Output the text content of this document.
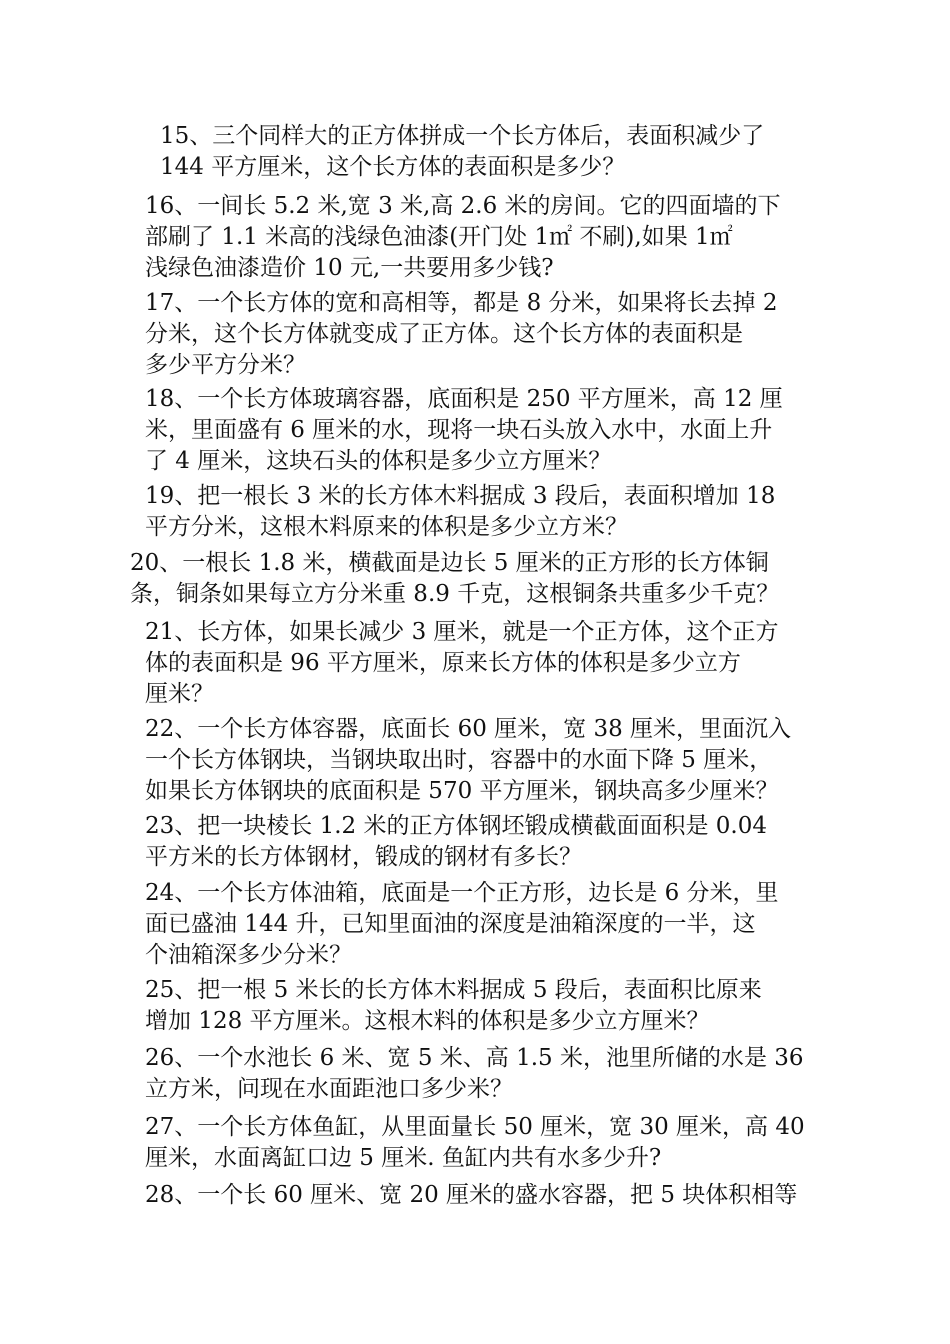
15、三个同样大的正方体拼成一个长方体后，表面积减少了
144 平方厘米，这个长方体的表面积是多少？
16、一间长 5.2 米,宽 3 米,高 2.6 米的房间。它的四面墙的下
部刷了 1.1 米高的浅绿色油漆(开门处 1㎡ 不刷),如果 1㎡
浅绿色油漆造价 10 元,一共要用多少钱?
17、一个长方体的宽和高相等，都是 8 分米，如果将长去掉 2
分米，这个长方体就变成了正方体。这个长方体的表面积是
多少平方分米？
18、一个长方体玻璃容器，底面积是 250 平方厘米，高 12 厘
米，里面盛有 6 厘米的水，现将一块石头放入水中，水面上升
了 4 厘米，这块石头的体积是多少立方厘米？
19、把一根长 3 米的长方体木料据成 3 段后，表面积增加 18
平方分米，这根木料原来的体积是多少立方米？
20、一根长 1.8 米，横截面是边长 5 厘米的正方形的长方体铜
条，铜条如果每立方分米重 8.9 千克，这根铜条共重多少千克？
21、长方体，如果长减少 3 厘米，就是一个正方体，这个正方
体的表面积是 96 平方厘米，原来长方体的体积是多少立方
厘米？
22、一个长方体容器，底面长 60 厘米，宽 38 厘米，里面沉入
一个长方体钢块，当钢块取出时，容器中的水面下降 5 厘米，
如果长方体钢块的底面积是 570 平方厘米，钢块高多少厘米？
23、把一块棱长 1.2 米的正方体钢坯锻成横截面面积是 0.04
平方米的长方体钢材，锻成的钢材有多长？
24、一个长方体油箱，底面是一个正方形，边长是 6 分米，里
面已盛油 144 升，已知里面油的深度是油箱深度的一半，这
个油箱深多少分米？
25、把一根 5 米长的长方体木料据成 5 段后，表面积比原来
增加 128 平方厘米。这根木料的体积是多少立方厘米？
26、一个水池长 6 米、宽 5 米、高 1.5 米，池里所储的水是 36
立方米，问现在水面距池口多少米？
27、一个长方体鱼缸，从里面量长 50 厘米，宽 30 厘米，高 40
厘米，水面离缸口边 5 厘米. 鱼缸内共有水多少升?
28、一个长 60 厘米、宽 20 厘米的盛水容器，把 5 块体积相等
